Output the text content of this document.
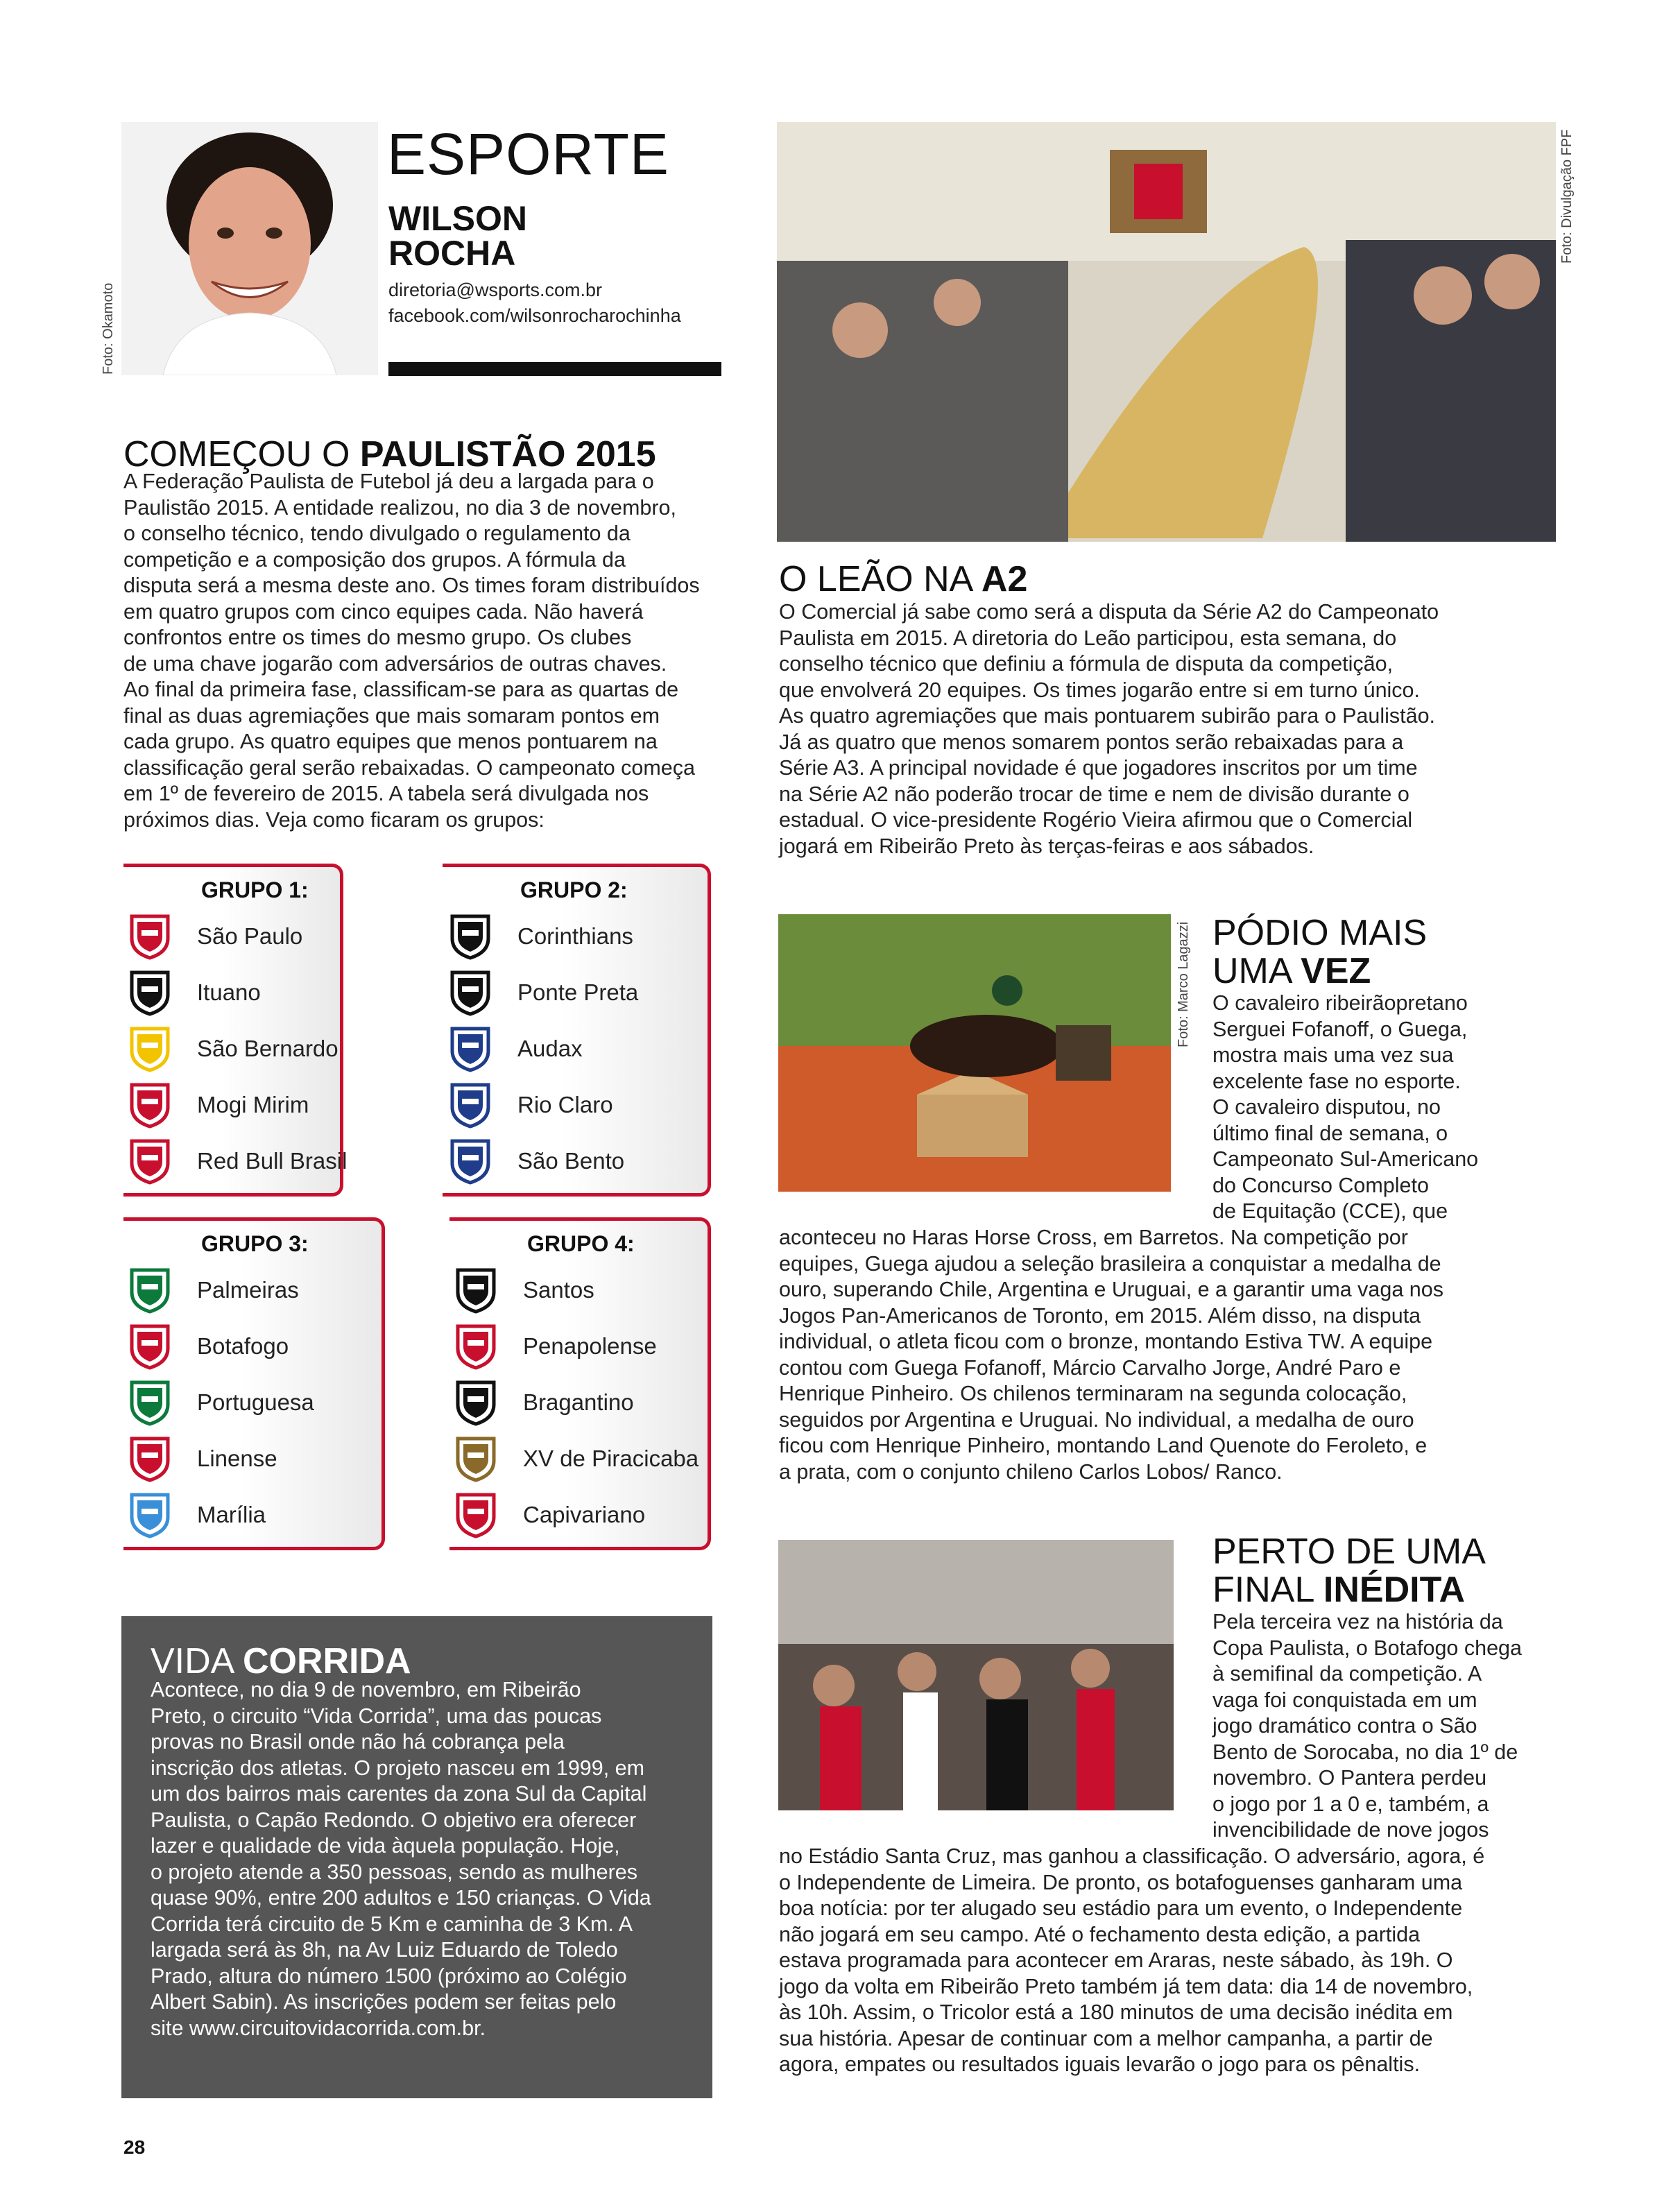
Foto: Okamoto
ESPORTE
WILSON
ROCHA
diretoria@wsports.com.br
facebook.com/wilsonrocharochinha
COMEÇOU O PAULISTÃO 2015
A Federação Paulista de Futebol já deu a largada para o
Paulistão 2015. A entidade realizou, no dia 3 de novembro,
o conselho técnico, tendo divulgado o regulamento da
competição e a composição dos grupos. A fórmula da
disputa será a mesma deste ano. Os times foram distribuídos
em quatro grupos com cinco equipes cada. Não haverá
confrontos entre os times do mesmo grupo. Os clubes
de uma chave jogarão com adversários de outras chaves.
Ao final da primeira fase, classificam-se para as quartas de
final as duas agremiações que mais somaram pontos em
cada grupo. As quatro equipes que menos pontuarem na
classificação geral serão rebaixadas. O campeonato começa
em 1º de fevereiro de 2015. A tabela será divulgada nos
próximos dias. Veja como ficaram os grupos:
GRUPO 1:	GRUPO 2:
GRUPO 3:	GRUPO 4:
São Paulo
Ituano
São Bernardo
Mogi Mirim
Red Bull Brasil
Corinthians
Ponte Preta
Audax
Rio Claro
São Bento
Palmeiras
Botafogo
Portuguesa
Linense
Marília
Santos
Penapolense
Bragantino
XV de Piracicaba
Capivariano
VIDA CORRIDA
Acontece, no dia 9 de novembro, em Ribeirão
Preto, o circuito “Vida Corrida”, uma das poucas
provas no Brasil onde não há cobrança pela
inscrição dos atletas. O projeto nasceu em 1999, em
um dos bairros mais carentes da zona Sul da Capital
Paulista, o Capão Redondo. O objetivo era oferecer
lazer e qualidade de vida àquela população. Hoje,
o projeto atende a 350 pessoas, sendo as mulheres
quase 90%, entre 200 adultos e 150 crianças. O Vida
Corrida terá circuito de 5 Km e caminha de 3 Km. A
largada será às 8h, na Av Luiz Eduardo de Toledo
Prado, altura do número 1500 (próximo ao Colégio
Albert Sabin). As inscrições podem ser feitas pelo
site www.circuitovidacorrida.com.br.
28
Foto: Divulgação FPF
O LEÃO NA A2
O Comercial já sabe como será a disputa da Série A2 do Campeonato
Paulista em 2015. A diretoria do Leão participou, esta semana, do
conselho técnico que definiu a fórmula de disputa da competição,
que envolverá 20 equipes. Os times jogarão entre si em turno único.
As quatro agremiações que mais pontuarem subirão para o Paulistão.
Já as quatro que menos somarem pontos serão rebaixadas para a
Série A3. A principal novidade é que jogadores inscritos por um time
na Série A2 não poderão trocar de time e nem de divisão durante o
estadual. O vice-presidente Rogério Vieira afirmou que o Comercial
jogará em Ribeirão Preto às terças-feiras e aos sábados.
Foto: Marco Lagazzi PÓDIO MAIS
UMA VEZ
O cavaleiro ribeirãopretano
Serguei Fofanoff, o Guega,
mostra mais uma vez sua
excelente fase no esporte.
O cavaleiro disputou, no
último final de semana, o
Campeonato Sul-Americano
do Concurso Completo
de Equitação (CCE), que
aconteceu no Haras Horse Cross, em Barretos. Na competição por
equipes, Guega ajudou a seleção brasileira a conquistar a medalha de
ouro, superando Chile, Argentina e Uruguai, e a garantir uma vaga nos
Jogos Pan-Americanos de Toronto, em 2015. Além disso, na disputa
individual, o atleta ficou com o bronze, montando Estiva TW. A equipe
contou com Guega Fofanoff, Márcio Carvalho Jorge, André Paro e
Henrique Pinheiro. Os chilenos terminaram na segunda colocação,
seguidos por Argentina e Uruguai. No individual, a medalha de ouro
ficou com Henrique Pinheiro, montando Land Quenote do Feroleto, e
a prata, com o conjunto chileno Carlos Lobos/ Ranco.
PERTO DE UMA
FINAL INÉDITA
Pela terceira vez na história da
Copa Paulista, o Botafogo chega
à semifinal da competição. A
vaga foi conquistada em um
jogo dramático contra o São
Bento de Sorocaba, no dia 1º de
novembro. O Pantera perdeu
o jogo por 1 a 0 e, também, a
invencibilidade de nove jogos
no Estádio Santa Cruz, mas ganhou a classificação. O adversário, agora, é
o Independente de Limeira. De pronto, os botafoguenses ganharam uma
boa notícia: por ter alugado seu estádio para um evento, o Independente
não jogará em seu campo. Até o fechamento desta edição, a partida
estava programada para acontecer em Araras, neste sábado, às 19h. O
jogo da volta em Ribeirão Preto também já tem data: dia 14 de novembro,
às 10h. Assim, o Tricolor está a 180 minutos de uma decisão inédita em
sua história. Apesar de continuar com a melhor campanha, a partir de
agora, empates ou resultados iguais levarão o jogo para os pênaltis.
